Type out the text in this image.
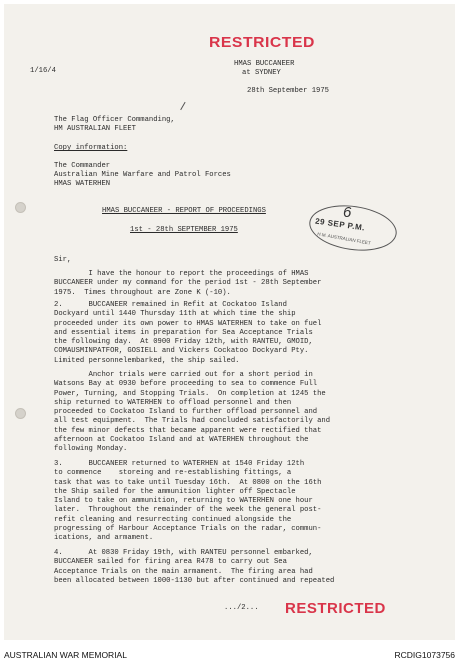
RESTRICTED
1/16/4
HMAS BUCCANEER
at SYDNEY
28th September 1975
The Flag Officer Commanding,
HM AUSTRALIAN FLEET
Copy information:
The Commander
Australian Mine Warfare and Patrol Forces
HMAS WATERHEN
HMAS BUCCANEER - REPORT OF PROCEEDINGS
1st - 28th SEPTEMBER 1975
6
29 SEP P.M.
H.M. AUSTRALIAN FLEET
Sir,
I have the honour to report the proceedings of HMAS
BUCCANEER under my command for the period 1st - 28th September
1975.  Times throughout are Zone K (-10).
2.      BUCCANEER remained in Refit at Cockatoo Island
Dockyard until 1440 Thursday 11th at which time the ship
proceeded under its own power to HMAS WATERHEN to take on fuel
and essential items in preparation for Sea Acceptance Trials
the following day.  At 0900 Friday 12th, with RANTEU, GMOID,
COMAUSMINPATFOR, GOSIELL and Vickers Cockatoo Dockyard Pty.
Limited personnelembarked, the ship sailed.
Anchor trials were carried out for a short period in
Watsons Bay at 0930 before proceeding to sea to commence Full
Power, Turning, and Stopping Trials.  On completion at 1245 the
ship returned to WATERHEN to offload personnel and then
proceeded to Cockatoo Island to further offload personnel and
all test equipment.  The Trials had concluded satisfactorily and
the few minor defects that became apparent were rectified that
afternoon at Cockatoo Island and at WATERHEN throughout the
following Monday.
3.      BUCCANEER returned to WATERHEN at 1540 Friday 12th
to commence    storeing and re-establishing fittings, a
task that was to take until Tuesday 16th.  At 0800 on the 16th
the Ship sailed for the ammunition lighter off Spectacle
Island to take on ammunition, returning to WATERHEN one hour
later.  Throughout the remainder of the week the general post-
refit cleaning and resurrecting continued alongside the
progressing of Harbour Acceptance Trials on the radar, commun-
ications, and armament.
4.      At 0830 Friday 19th, with RANTEU personnel embarked,
BUCCANEER sailed for firing area R478 to carry out Sea
Acceptance Trials on the main armament.  The firing area had
been allocated between 1000-1130 but after continued and repeated
.../2... RESTRICTED
AUSTRALIAN WAR MEMORIAL	RCDIG1073756
